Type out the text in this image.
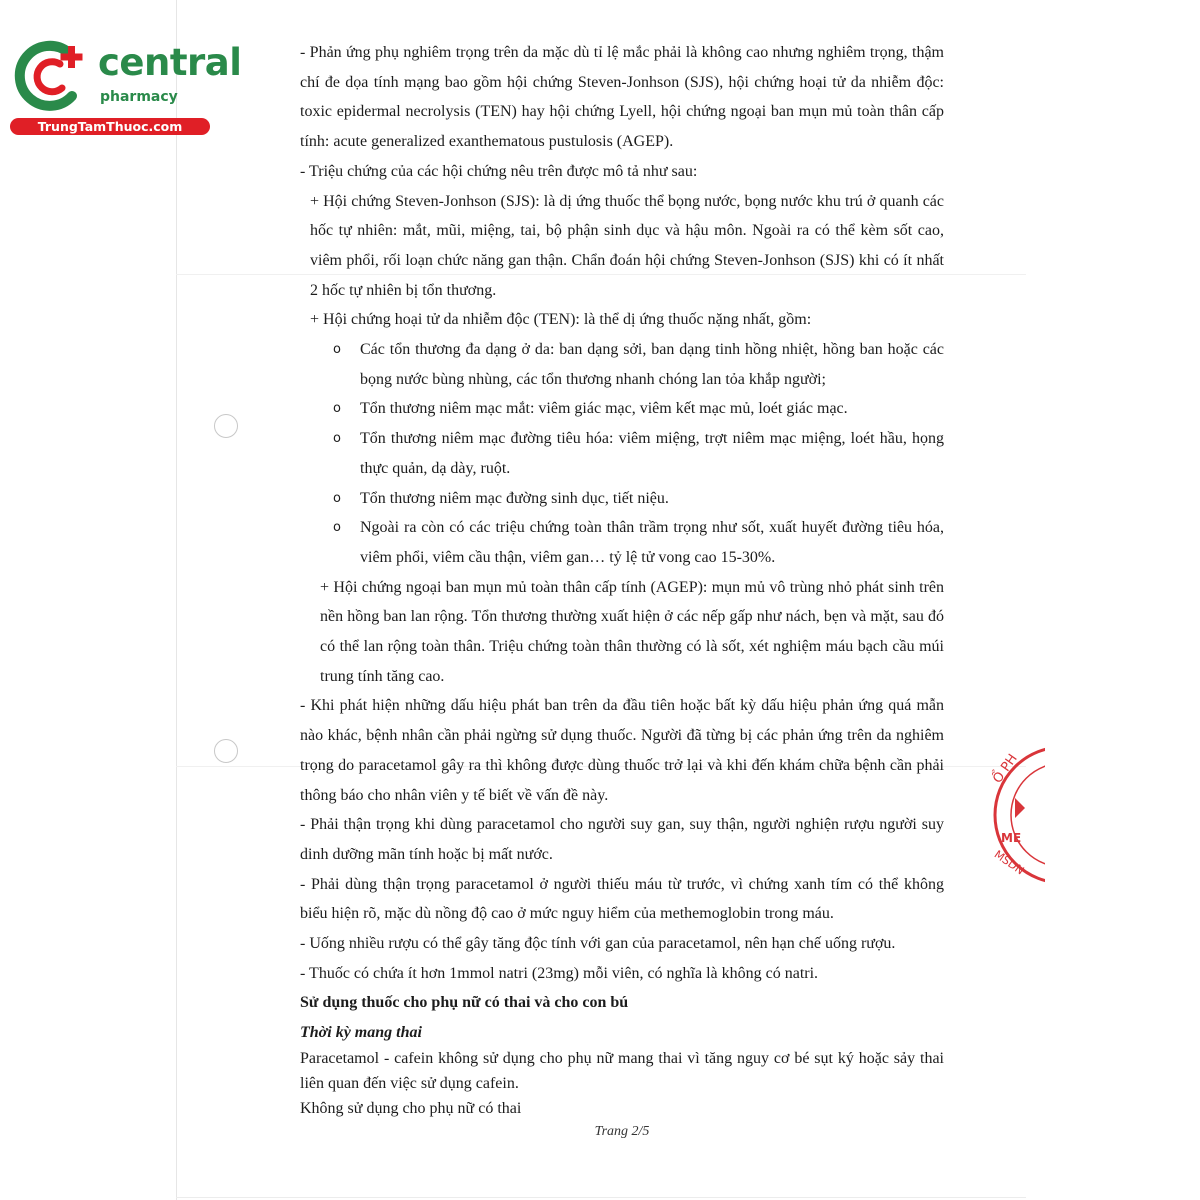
central
pharmacy
TrungTamThuoc.com
Ổ PH
ME
MSDN

- Phản ứng phụ nghiêm trọng trên da mặc dù tỉ lệ mắc phải là không cao nhưng nghiêm trọng, thậm chí đe dọa tính mạng bao gồm hội chứng Steven-Jonhson (SJS), hội chứng hoại tử da nhiễm độc: toxic epidermal necrolysis (TEN) hay hội chứng Lyell, hội chứng ngoại ban mụn mủ toàn thân cấp tính: acute generalized exanthematous pustulosis (AGEP).

- Triệu chứng của các hội chứng nêu trên được mô tả như sau:

+ Hội chứng Steven-Jonhson (SJS): là dị ứng thuốc thể bọng nước, bọng nước khu trú ở quanh các hốc tự nhiên: mắt, mũi, miệng, tai, bộ phận sinh dục và hậu môn. Ngoài ra có thể kèm sốt cao, viêm phổi, rối loạn chức năng gan thận. Chẩn đoán hội chứng Steven-Jonhson (SJS) khi có ít nhất 2 hốc tự nhiên bị tổn thương.

+ Hội chứng hoại tử da nhiễm độc (TEN): là thể dị ứng thuốc nặng nhất, gồm:

o Các tổn thương đa dạng ở da: ban dạng sởi, ban dạng tinh hồng nhiệt, hồng ban hoặc các bọng nước bùng nhùng, các tổn thương nhanh chóng lan tỏa khắp người;
o Tổn thương niêm mạc mắt: viêm giác mạc, viêm kết mạc mủ, loét giác mạc.
o Tổn thương niêm mạc đường tiêu hóa: viêm miệng, trợt niêm mạc miệng, loét hầu, họng thực quản, dạ dày, ruột.
o Tổn thương niêm mạc đường sinh dục, tiết niệu.
o Ngoài ra còn có các triệu chứng toàn thân trầm trọng như sốt, xuất huyết đường tiêu hóa, viêm phổi, viêm cầu thận, viêm gan… tỷ lệ tử vong cao 15-30%.

+ Hội chứng ngoại ban mụn mủ toàn thân cấp tính (AGEP): mụn mủ vô trùng nhỏ phát sinh trên nền hồng ban lan rộng. Tổn thương thường xuất hiện ở các nếp gấp như nách, bẹn và mặt, sau đó có thể lan rộng toàn thân. Triệu chứng toàn thân thường có là sốt, xét nghiệm máu bạch cầu múi trung tính tăng cao.

- Khi phát hiện những dấu hiệu phát ban trên da đầu tiên hoặc bất kỳ dấu hiệu phản ứng quá mẫn nào khác, bệnh nhân cần phải ngừng sử dụng thuốc. Người đã từng bị các phản ứng trên da nghiêm trọng do paracetamol gây ra thì không được dùng thuốc trở lại và khi đến khám chữa bệnh cần phải thông báo cho nhân viên y tế biết về vấn đề này.

- Phải thận trọng khi dùng paracetamol cho người suy gan, suy thận, người nghiện rượu người suy dinh dưỡng mãn tính hoặc bị mất nước.

- Phải dùng thận trọng paracetamol ở người thiếu máu từ trước, vì chứng xanh tím có thể không biểu hiện rõ, mặc dù nồng độ cao ở mức nguy hiểm của methemoglobin trong máu.

- Uống nhiều rượu có thể gây tăng độc tính với gan của paracetamol, nên hạn chế uống rượu.

- Thuốc có chứa ít hơn 1mmol natri (23mg) mỗi viên, có nghĩa là không có natri.

Sử dụng thuốc cho phụ nữ có thai và cho con bú

Thời kỳ mang thai

Paracetamol - cafein không sử dụng cho phụ nữ mang thai vì tăng nguy cơ bé sụt ký hoặc sảy thai liên quan đến việc sử dụng cafein.

Không sử dụng cho phụ nữ có thai

Trang 2/5
